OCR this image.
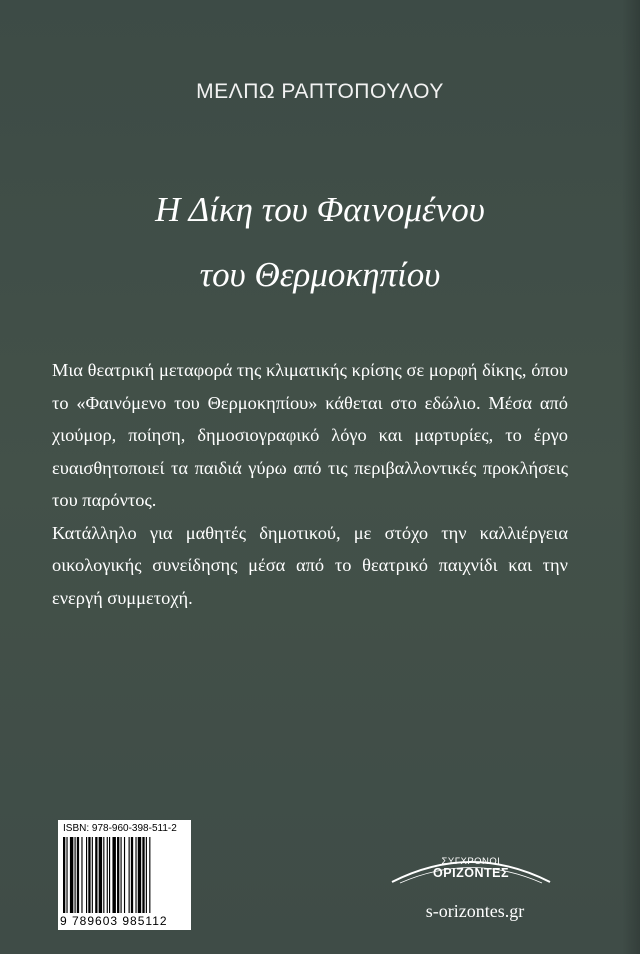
ΜΕΛΠΩ ΡΑΠΤΟΠΟΥΛΟΥ
Η Δίκη του Φαινομένου
του Θερμοκηπίου

Μια θεατρική μεταφορά της κλιματικής κρίσης σε μορφή δίκης, όπου το «Φαινόμενο του Θερμοκηπίου» κάθεται στο εδώλιο. Μέσα από χιούμορ, ποίηση, δημοσιογραφικό λόγο και μαρτυρίες, το έργο ευαισθητοποιεί τα παιδιά γύρω από τις περιβαλλοντικές προκλήσεις του παρόντος.

Κατάλληλο για μαθητές δημοτικού, με στόχο την καλλιέργεια οικολογικής συνείδησης μέσα από το θεατρικό παιχνίδι και την ενεργή συμμετοχή.

ISBN: 978-960-398-511-2
9 789603 985112
ΣΥΓΧΡΟΝΟΙ
ΟΡΙΖΟΝΤΕΣ
s-orizontes.gr
